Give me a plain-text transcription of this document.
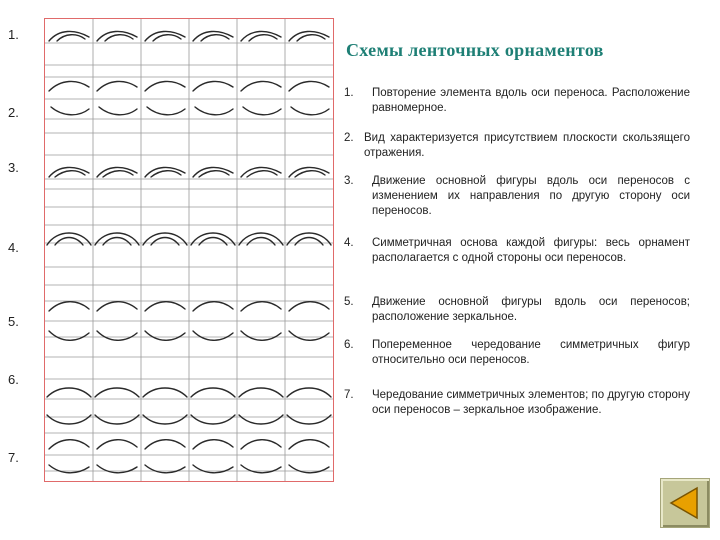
1.
2.
3.
4.
5.
6.
7.
Схемы ленточных орнаментов
1. Повторение элемента вдоль оси переноса. Расположение равномерное.
2. Вид характеризуется присутствием плоскости скользящего отражения.
3. Движение основной фигуры вдоль оси переносов с изменением их направления по другую сторону оси переносов.
4. Симметричная основа каждой фигуры: весь орнамент располагается с одной стороны оси переносов.
5. Движение основной фигуры вдоль оси переносов; расположение зеркальное.
6. Попеременное чередование симметричных фигур относительно оси переносов.
7. Чередование симметричных элементов; по другую сторону оси переносов – зеркальное изображение.
